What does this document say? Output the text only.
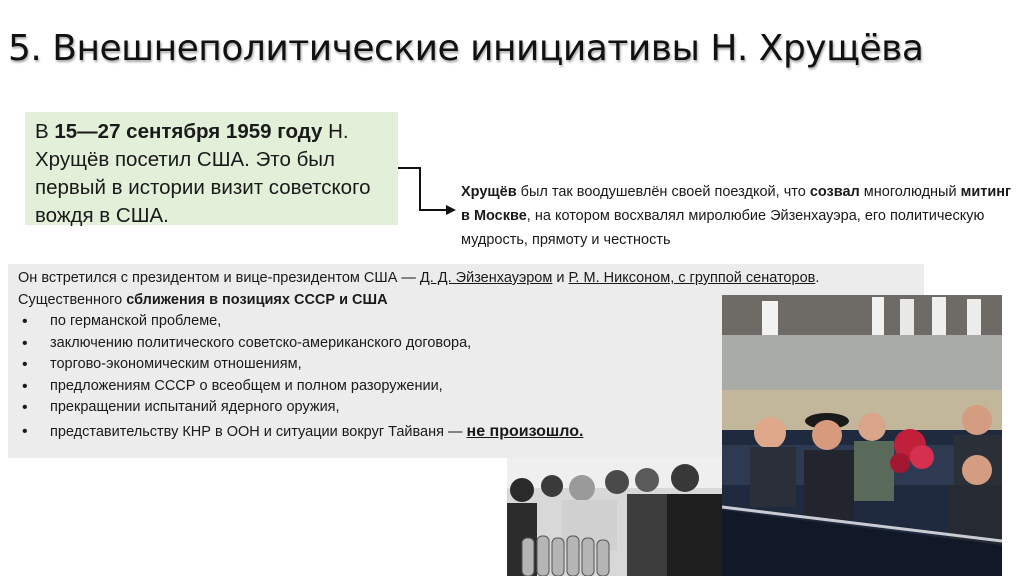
5. Внешнеполитические инициативы Н. Хрущёва
В 15—27 сентября 1959 году Н. Хрущёв посетил США. Это был первый в истории визит советского вождя в США.
Хрущёв был так воодушевлён своей поездкой, что созвал многолюдный митинг в Москве, на котором восхвалял миролюбие Эйзенхауэра, его политическую мудрость, прямоту и честность
Он встретился с президентом и вице-президентом США — Д. Д. Эйзенхауэром и Р. М. Никсоном, с группой сенаторов. Существенного сближения в позициях СССР и США
• по германской проблеме,
• заключению политического советско-американского договора,
• торгово-экономическим отношениям,
• предложениям СССР о всеобщем и полном разоружении,
• прекращении испытаний ядерного оружия,
• представительству КНР в ООН и ситуации вокруг Тайваня — не произошло.
